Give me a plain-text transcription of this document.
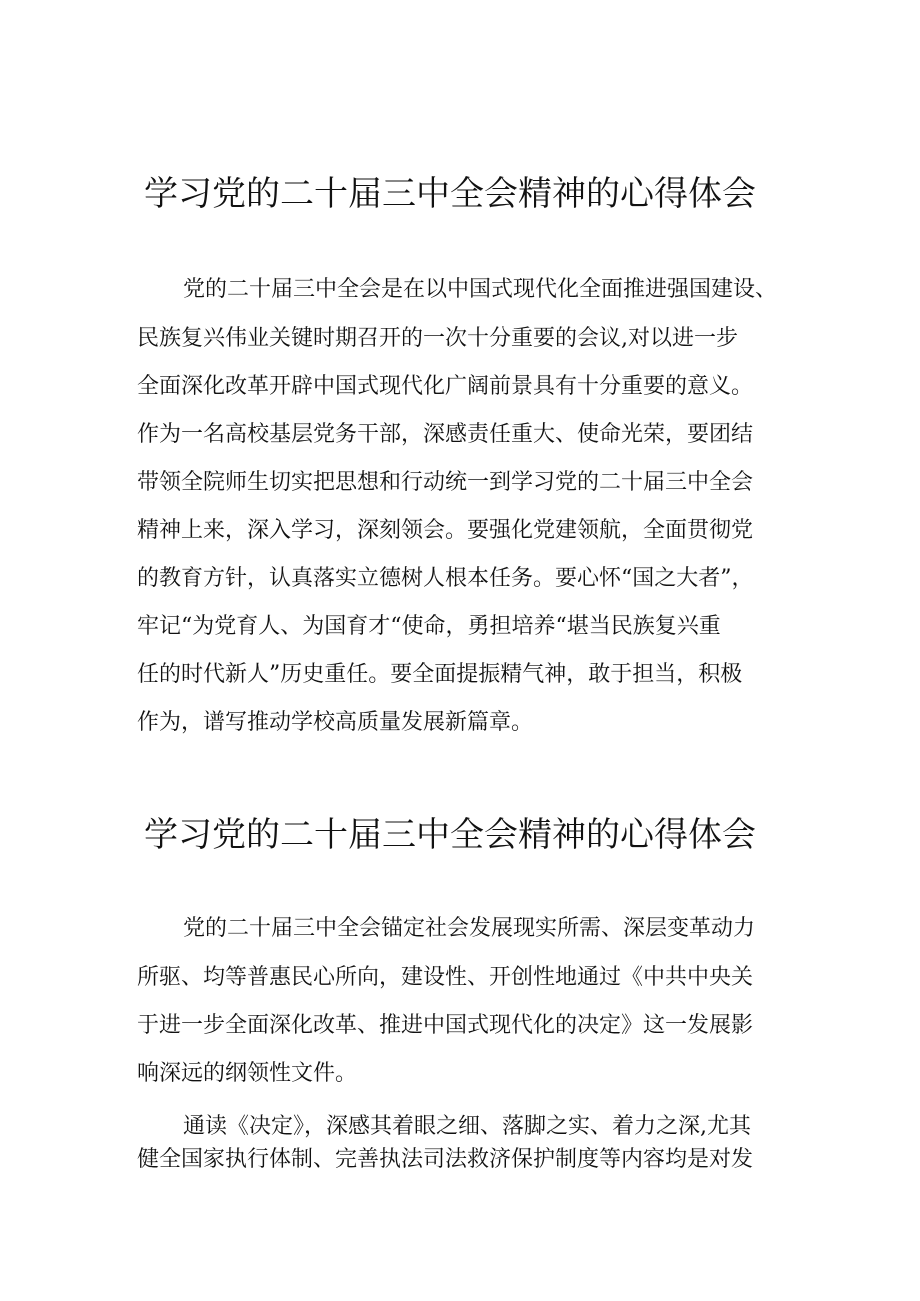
学习党的二十届三中全会精神的心得体会

党的二十届三中全会是在以中国式现代化全面推进强国建设、

民族复兴伟业关键时期召开的一次十分重要的会议,对以进一步

全面深化改革开辟中国式现代化广阔前景具有十分重要的意义。

作为一名高校基层党务干部，深感责任重大、使命光荣，要团结

带领全院师生切实把思想和行动统一到学习党的二十届三中全会

精神上来，深入学习，深刻领会。要强化党建领航，全面贯彻党

的教育方针，认真落实立德树人根本任务。要心怀“国之大者”，

牢记“为党育人、为国育才“使命，勇担培养“堪当民族复兴重

任的时代新人”历史重任。要全面提振精气神，敢于担当，积极

作为，谱写推动学校高质量发展新篇章。

学习党的二十届三中全会精神的心得体会

党的二十届三中全会锚定社会发展现实所需、深层变革动力

所驱、均等普惠民心所向，建设性、开创性地通过《中共中央关

于进一步全面深化改革、推进中国式现代化的决定》这一发展影

响深远的纲领性文件。

通读《决定》，深感其着眼之细、落脚之实、着力之深,尤其

健全国家执行体制、完善执法司法救济保护制度等内容均是对发
